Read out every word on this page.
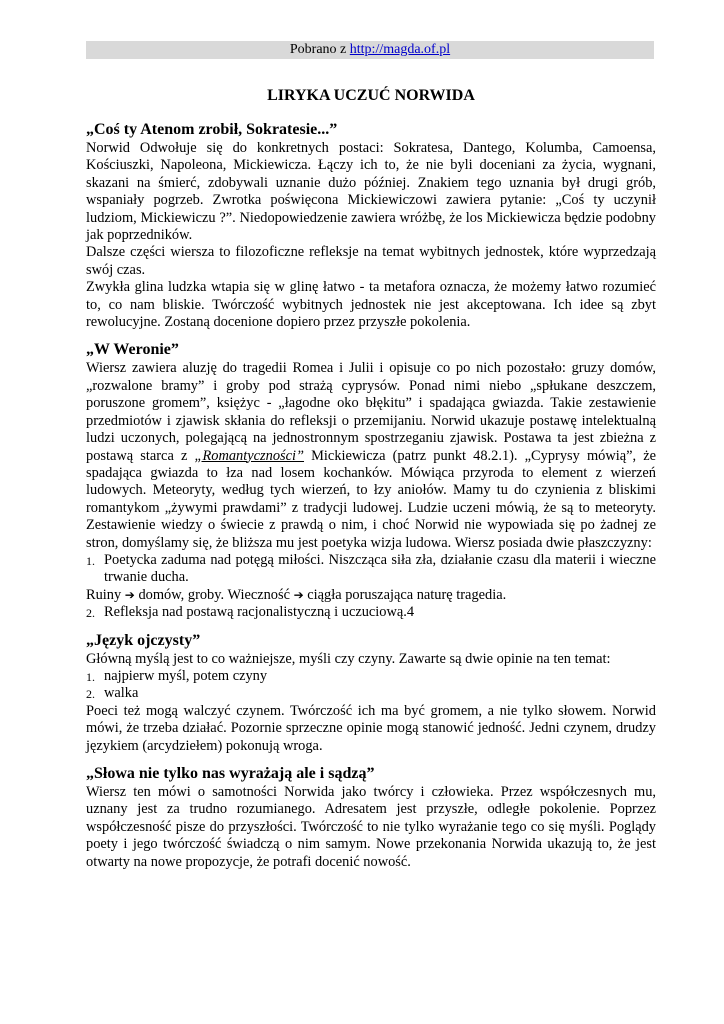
Pobrano z http://magda.of.pl
LIRYKA UCZUĆ NORWIDA
„Coś ty Atenom zrobił, Sokratesie...”

Norwid Odwołuje się do konkretnych postaci: Sokratesa, Dantego, Kolumba, Camoensa, Kościuszki, Napoleona, Mickiewicza. Łączy ich to, że nie byli doceniani za życia, wygnani, skazani na śmierć, zdobywali uznanie dużo później. Znakiem tego uznania był drugi grób, wspaniały pogrzeb. Zwrotka poświęcona Mickiewiczowi zawiera pytanie: „Coś ty uczynił ludziom, Mickiewiczu ?”. Niedopowiedzenie zawiera wróżbę, że los Mickiewicza będzie podobny jak poprzedników.

Dalsze części wiersza to filozoficzne refleksje na temat wybitnych jednostek, które wyprzedzają swój czas.

Zwykła glina ludzka wtapia się w glinę łatwo - ta metafora oznacza, że możemy łatwo rozumieć to, co nam bliskie. Twórczość wybitnych jednostek nie jest akceptowana. Ich idee są zbyt rewolucyjne. Zostaną docenione dopiero przez przyszłe pokolenia.

„W Weronie”

Wiersz zawiera aluzję do tragedii Romea i Julii i opisuje co po nich pozostało: gruzy domów, „rozwalone bramy” i groby pod strażą cyprysów. Ponad nimi niebo „spłukane deszczem, poruszone gromem”, księżyc - „łagodne oko błękitu” i spadająca gwiazda. Takie zestawienie przedmiotów i zjawisk skłania do refleksji o przemijaniu. Norwid ukazuje postawę intelektualną ludzi uczonych, polegającą na jednostronnym spostrzeganiu zjawisk. Postawa ta jest zbieżna z postawą starca z „Romantyczności” Mickiewicza (patrz punkt 48.2.1). „Cyprysy mówią”, że spadająca gwiazda to łza nad losem kochanków. Mówiąca przyroda to element z wierzeń ludowych. Meteoryty, według tych wierzeń, to łzy aniołów. Mamy tu do czynienia z bliskimi romantykom „żywymi prawdami” z tradycji ludowej. Ludzie uczeni mówią, że są to meteoryty. Zestawienie wiedzy o świecie z prawdą o nim, i choć Norwid nie wypowiada się po żadnej ze stron, domyślamy się, że bliższa mu jest poetyka wizja ludowa. Wiersz posiada dwie płaszczyzny:

1. Poetycka zaduma nad potęgą miłości. Niszcząca siła zła, działanie czasu dla materii i wieczne trwanie ducha.

Ruiny ➔ domów, groby. Wieczność ➔ ciągła poruszająca naturę tragedia.

2. Refleksja nad postawą racjonalistyczną i uczuciową.4
„Język ojczysty”

Główną myślą jest to co ważniejsze, myśli czy czyny. Zawarte są dwie opinie na ten temat:

1. najpierw myśl, potem czyny
2. walka

Poeci też mogą walczyć czynem. Twórczość ich ma być gromem, a nie tylko słowem. Norwid mówi, że trzeba działać. Pozornie sprzeczne opinie mogą stanowić jedność. Jedni czynem, drudzy językiem (arcydziełem) pokonują wroga.

„Słowa nie tylko nas wyrażają ale i sądzą”

Wiersz ten mówi o samotności Norwida jako twórcy i człowieka. Przez współczesnych mu, uznany jest za trudno rozumianego. Adresatem jest przyszłe, odległe pokolenie. Poprzez współczesność pisze do przyszłości. Twórczość to nie tylko wyrażanie tego co się myśli. Poglądy poety i jego twórczość świadczą o nim samym. Nowe przekonania Norwida ukazują to, że jest otwarty na nowe propozycje, że potrafi docenić nowość.
